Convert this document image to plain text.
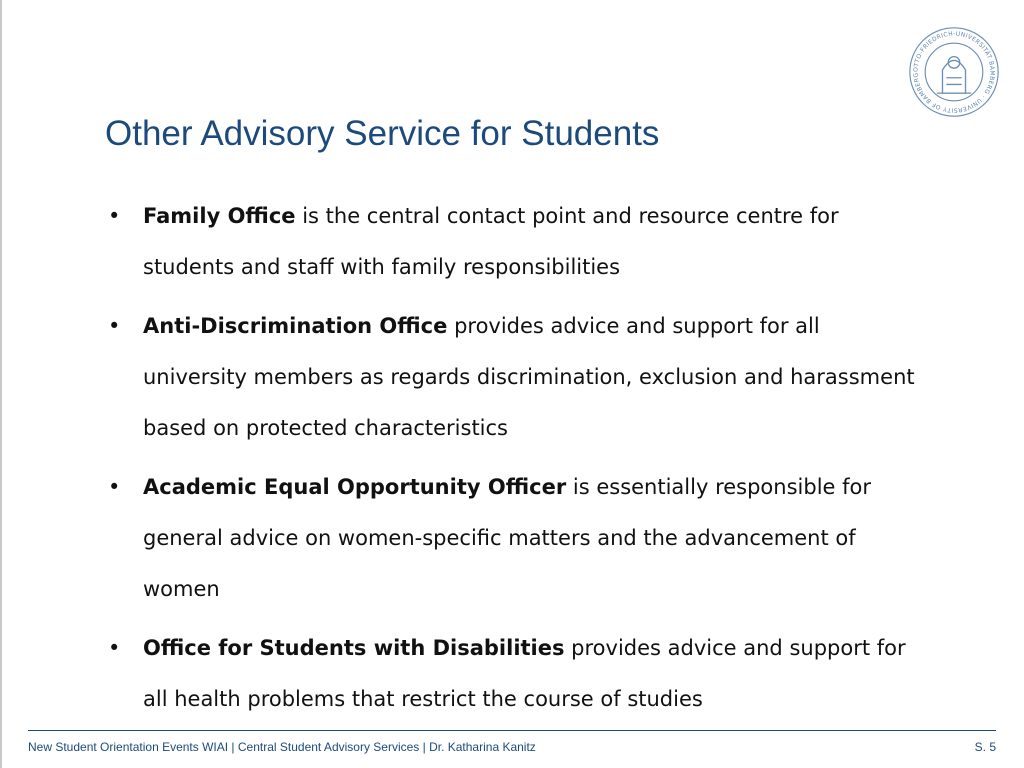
OTTO-FRIEDRICH-UNIVERSITÄT BAMBERG · UNIVERSITY OF BAMBERG
Other Advisory Service for Students
•	Family Office is the central contact point and resource centre for students and staff with family responsibilities
•	Anti-Discrimination Office provides advice and support for all university members as regards discrimination, exclusion and harassment based on protected characteristics
•	Academic Equal Opportunity Officer is essentially responsible for general advice on women-specific matters and the advancement of women
•	Office for Students with Disabilities provides advice and support for all health problems that restrict the course of studies
New Student Orientation Events WIAI | Central Student Advisory Services | Dr. Katharina Kanitz	S. 5
